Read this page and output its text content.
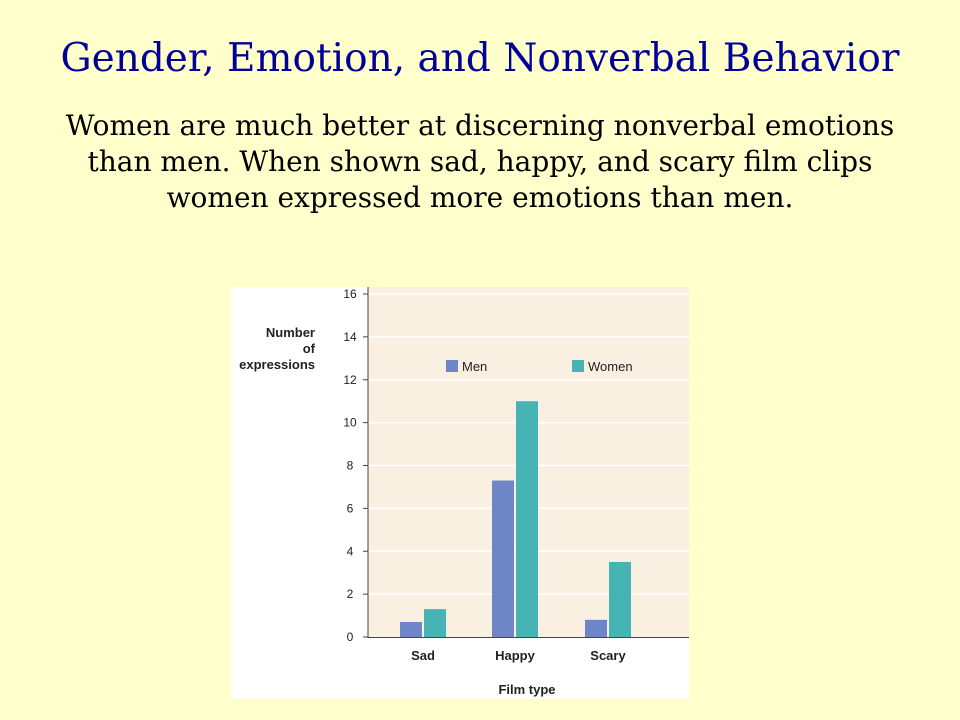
Gender, Emotion, and Nonverbal Behavior
Women are much better at discerning nonverbal emotions than men. When shown sad, happy, and scary film clips women expressed more emotions than men.
0
2
4
6
8
10
12
14
16
Sad	Happy	Scary
Number
of
expressions	Men	Women
Film type
